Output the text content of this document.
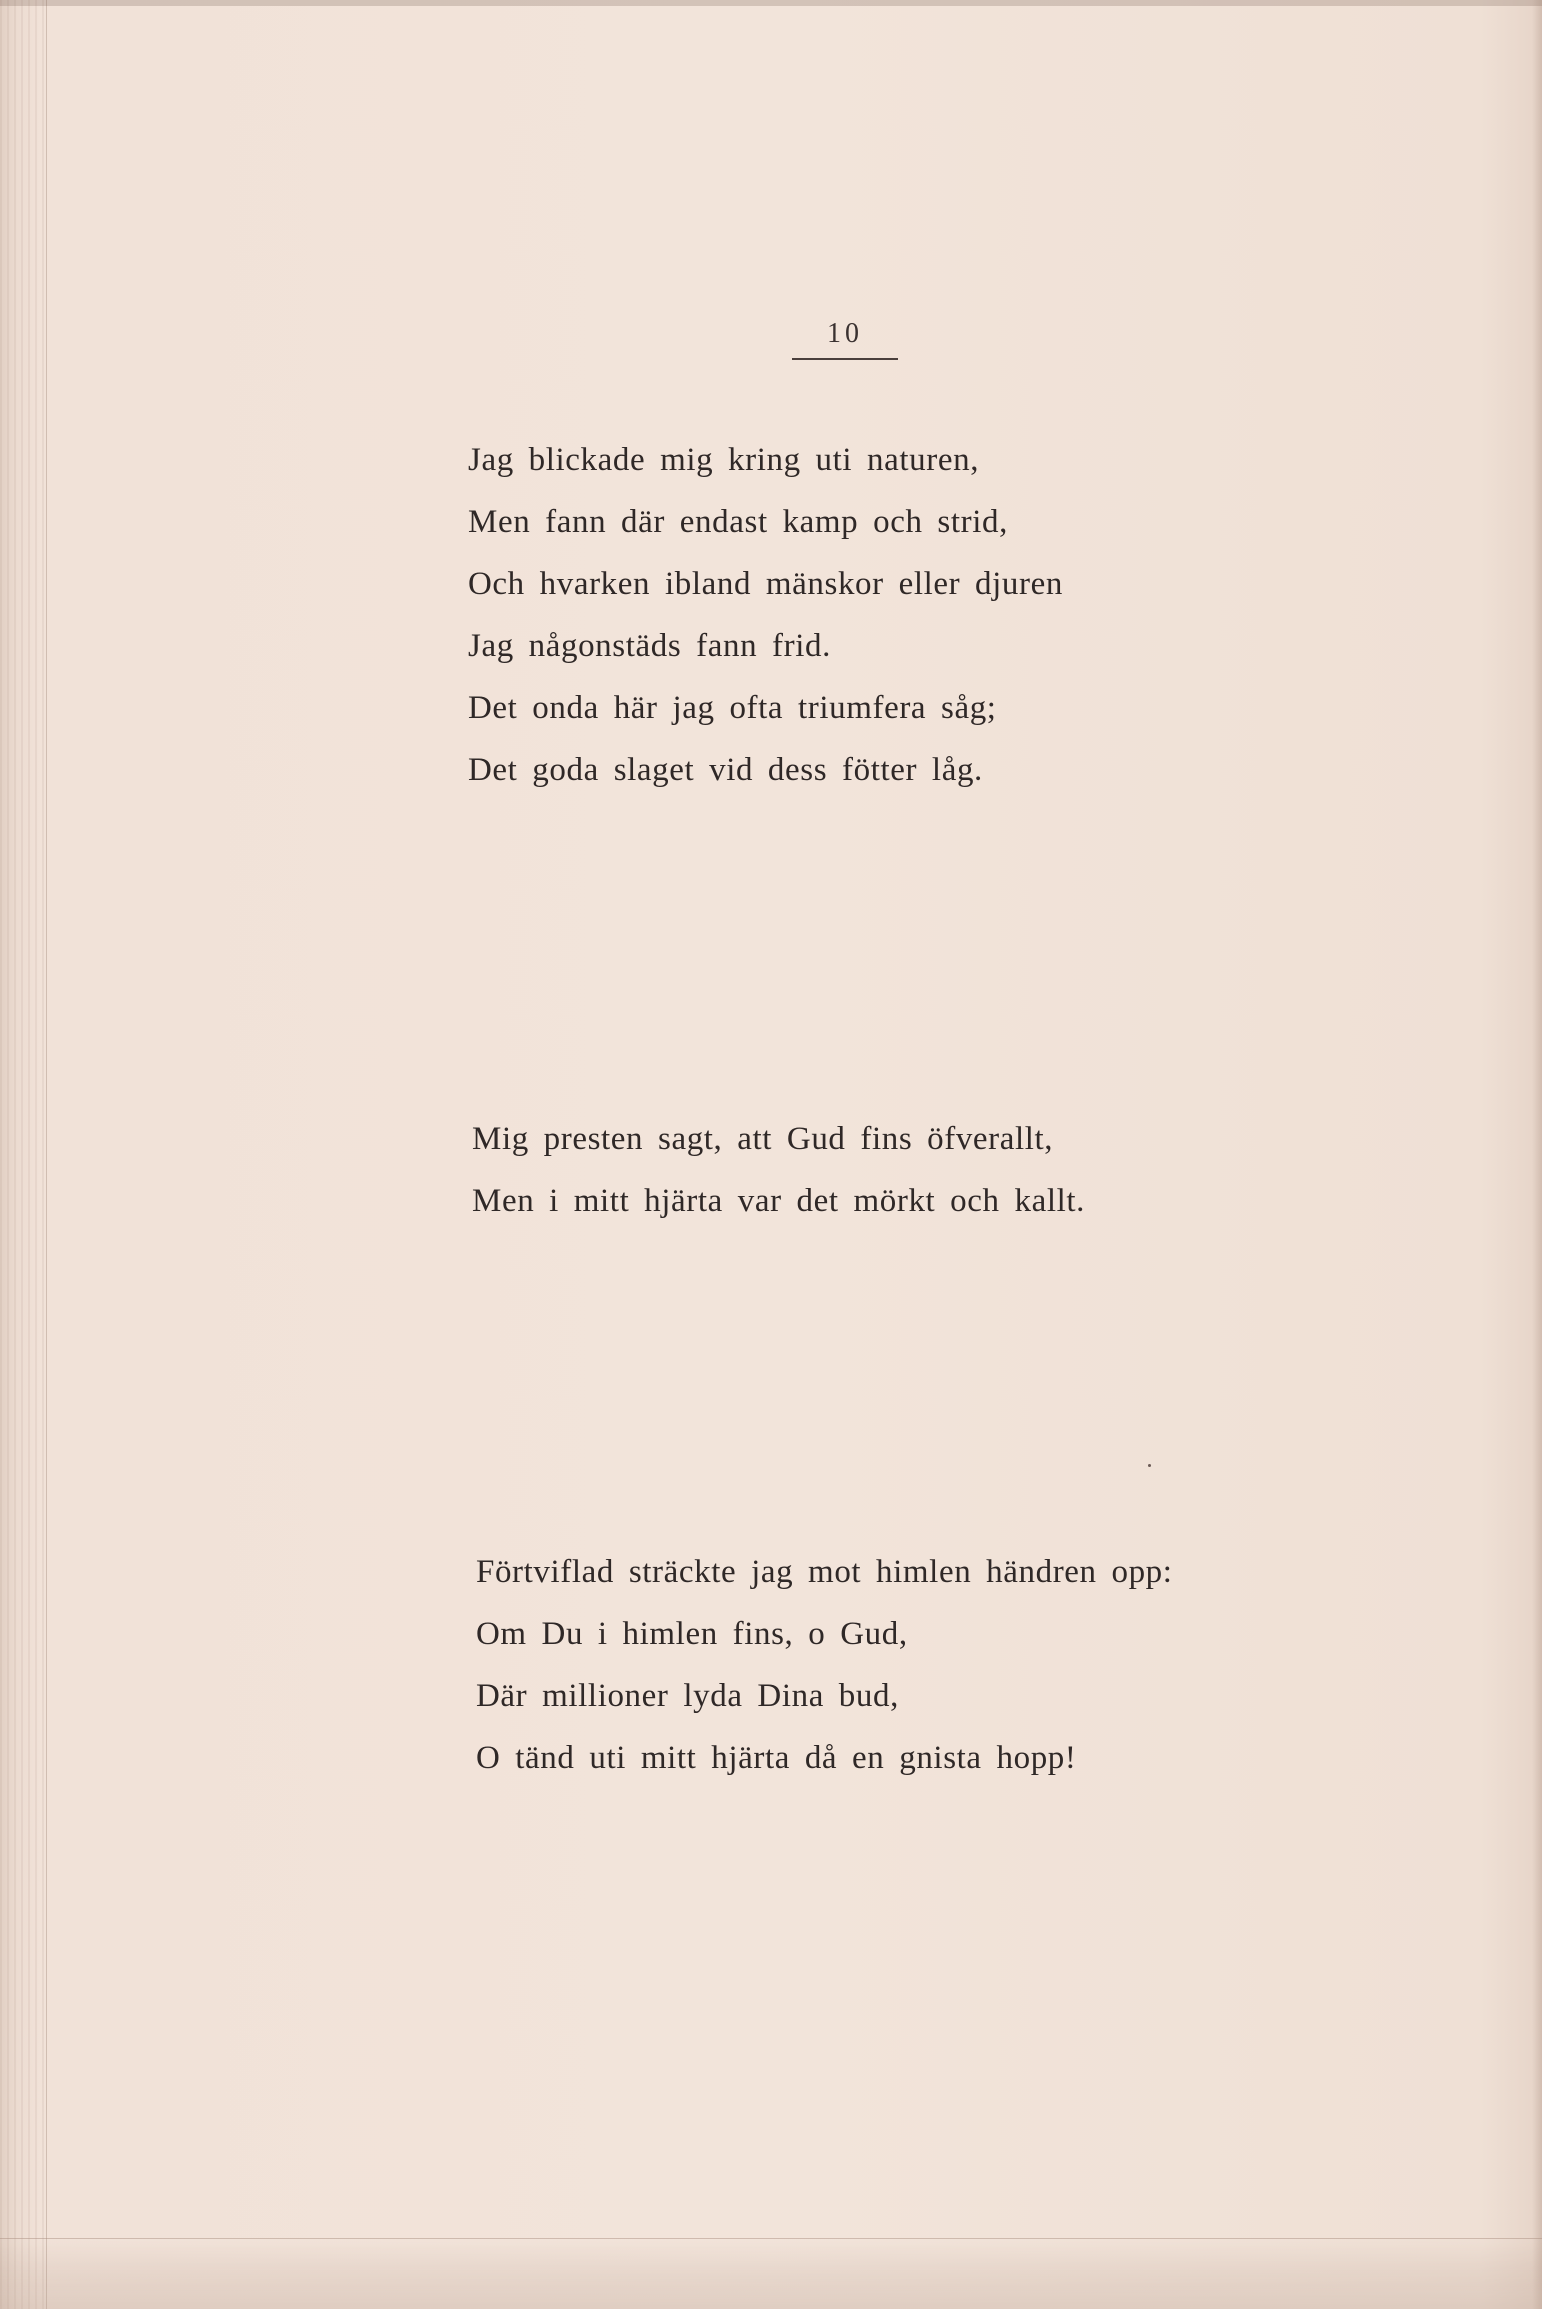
10
Jag blickade mig kring uti naturen,
Men fann där endast kamp och strid,
Och hvarken ibland mänskor eller djuren
Jag någonstäds fann frid.
Det onda här jag ofta triumfera såg;
Det goda slaget vid dess fötter låg.
Mig presten sagt, att Gud fins öfverallt,
Men i mitt hjärta var det mörkt och kallt.
Förtviflad sträckte jag mot himlen händren opp:
Om Du i himlen fins, o Gud,
Där millioner lyda Dina bud,
O tänd uti mitt hjärta då en gnista hopp!
